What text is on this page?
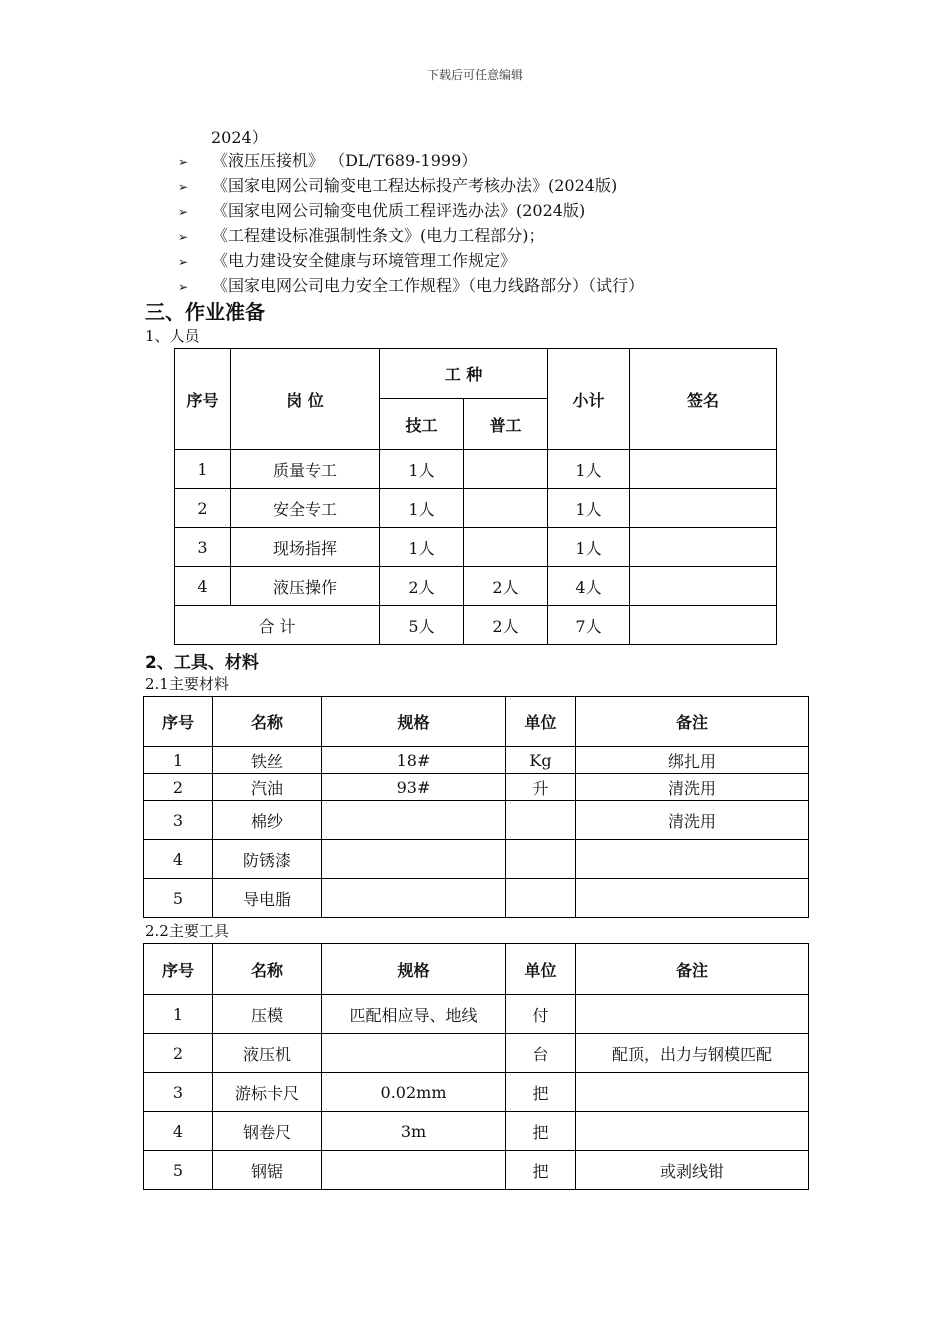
下载后可任意编辑
2024）
➢ 《液压压接机》 （DL/T689-1999）
➢ 《国家电网公司输变电工程达标投产考核办法》(2024版)
➢ 《国家电网公司输变电优质工程评选办法》(2024版)
➢ 《工程建设标准强制性条文》(电力工程部分)；
➢ 《电力建设安全健康与环境管理工作规定》
➢ 《国家电网公司电力安全工作规程》（电力线路部分）（试行）
三、作业准备
1、人员
序号	岗 位	工 种		小计	签名
		技工	普工		
1	质量专工	1人		1人	
2	安全专工	1人		1人	
3	现场指挥	1人		1人	
4	液压操作	2人	2人	4人	
合 计		5人	2人	7人	
2、工具、材料
2.1主要材料
序号	名称	规格	单位	备注
1	铁丝	18#	Kg	绑扎用
2	汽油	93#	升	清洗用
3	棉纱			清洗用
4	防锈漆			
5	导电脂			
2.2主要工具
序号	名称	规格	单位	备注
1	压模	匹配相应导、地线	付	
2	液压机		台	配顶，出力与钢模匹配
3	游标卡尺	0.02mm	把	
4	钢卷尺	3m	把	
5	钢锯		把	或剥线钳
